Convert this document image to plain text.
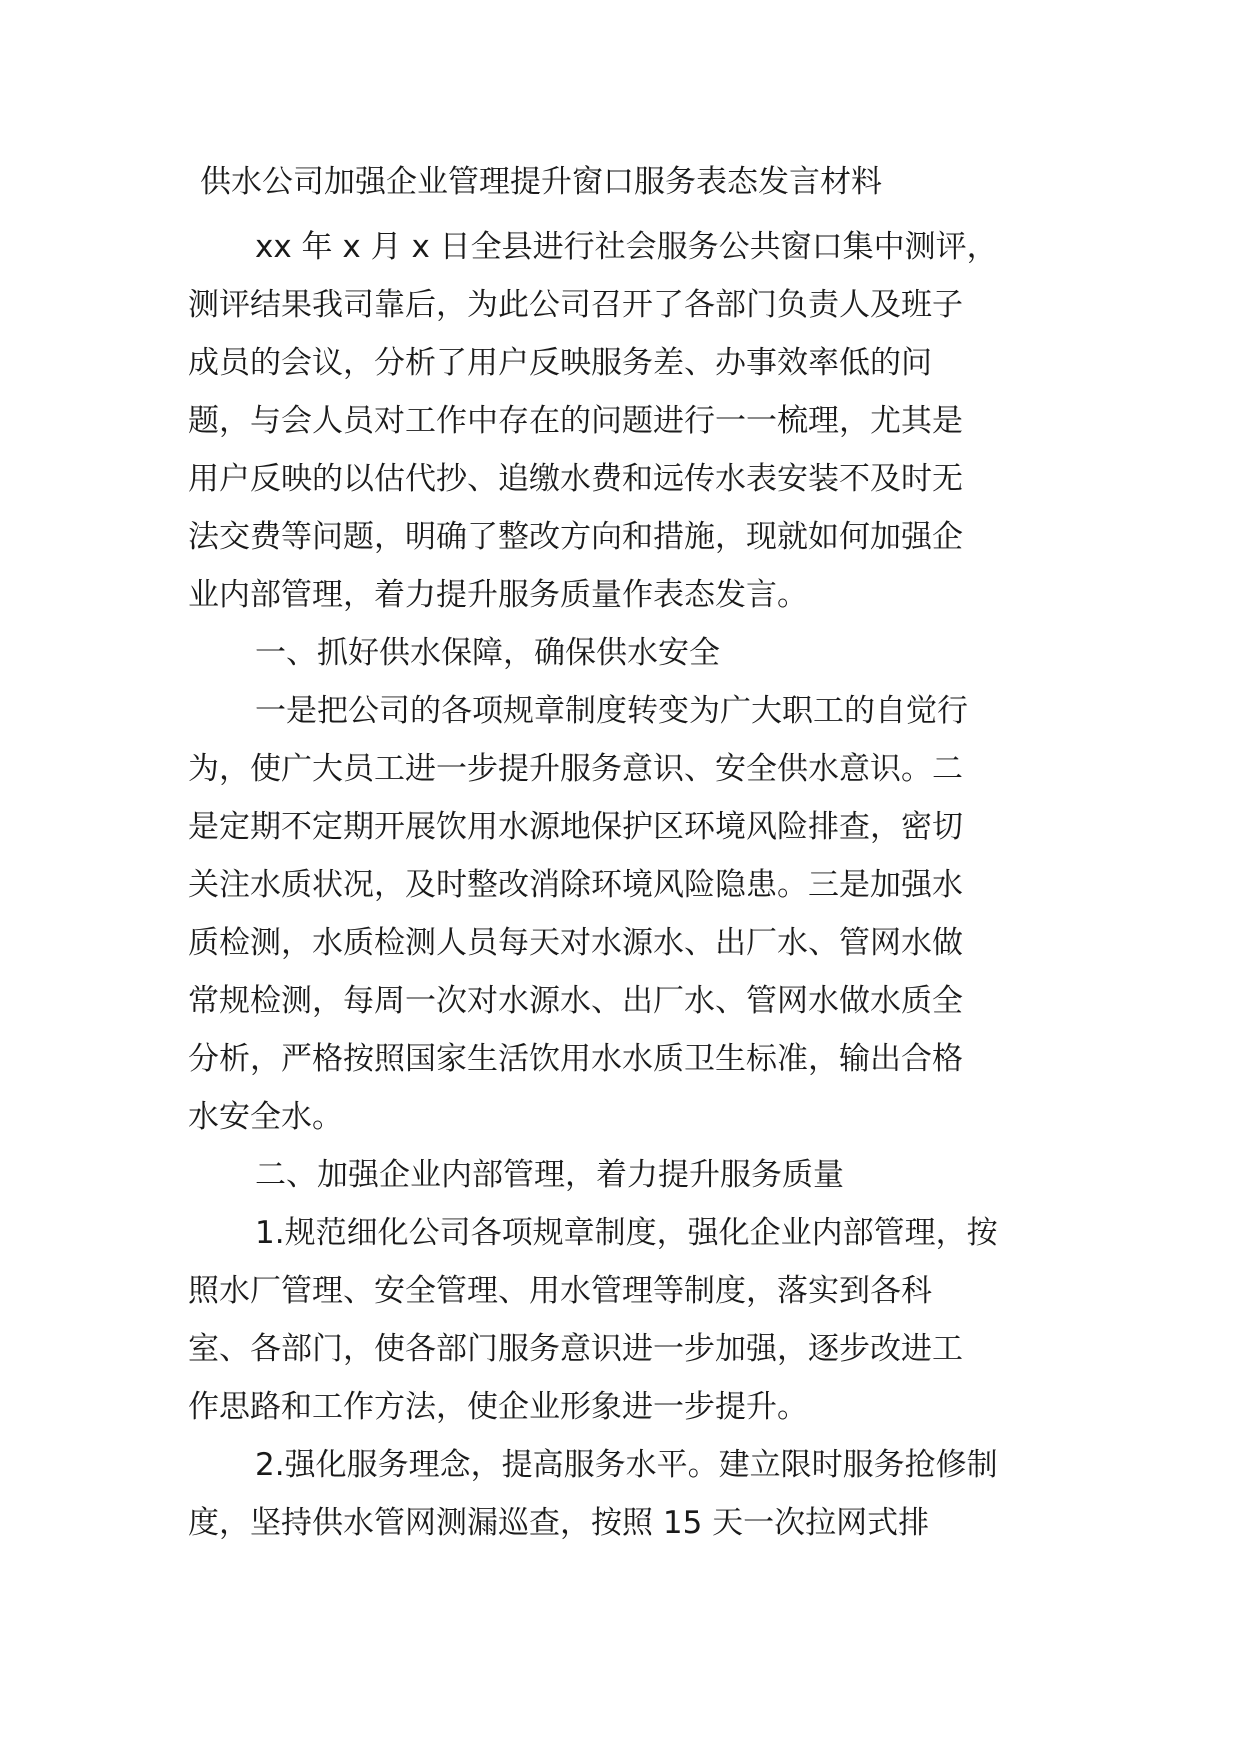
供水公司加强企业管理提升窗口服务表态发言材料
xx 年 x 月 x 日全县进行社会服务公共窗口集中测评，
测评结果我司靠后，为此公司召开了各部门负责人及班子
成员的会议，分析了用户反映服务差、办事效率低的问
题，与会人员对工作中存在的问题进行一一梳理，尤其是
用户反映的以估代抄、追缴水费和远传水表安装不及时无
法交费等问题，明确了整改方向和措施，现就如何加强企
业内部管理，着力提升服务质量作表态发言。
一、抓好供水保障，确保供水安全
一是把公司的各项规章制度转变为广大职工的自觉行
为，使广大员工进一步提升服务意识、安全供水意识。二
是定期不定期开展饮用水源地保护区环境风险排查，密切
关注水质状况，及时整改消除环境风险隐患。三是加强水
质检测，水质检测人员每天对水源水、出厂水、管网水做
常规检测，每周一次对水源水、出厂水、管网水做水质全
分析，严格按照国家生活饮用水水质卫生标准，输出合格
水安全水。
二、加强企业内部管理，着力提升服务质量
1.规范细化公司各项规章制度，强化企业内部管理，按
照水厂管理、安全管理、用水管理等制度，落实到各科
室、各部门，使各部门服务意识进一步加强，逐步改进工
作思路和工作方法，使企业形象进一步提升。
2.强化服务理念，提高服务水平。建立限时服务抢修制
度，坚持供水管网测漏巡查，按照 15 天一次拉网式排
